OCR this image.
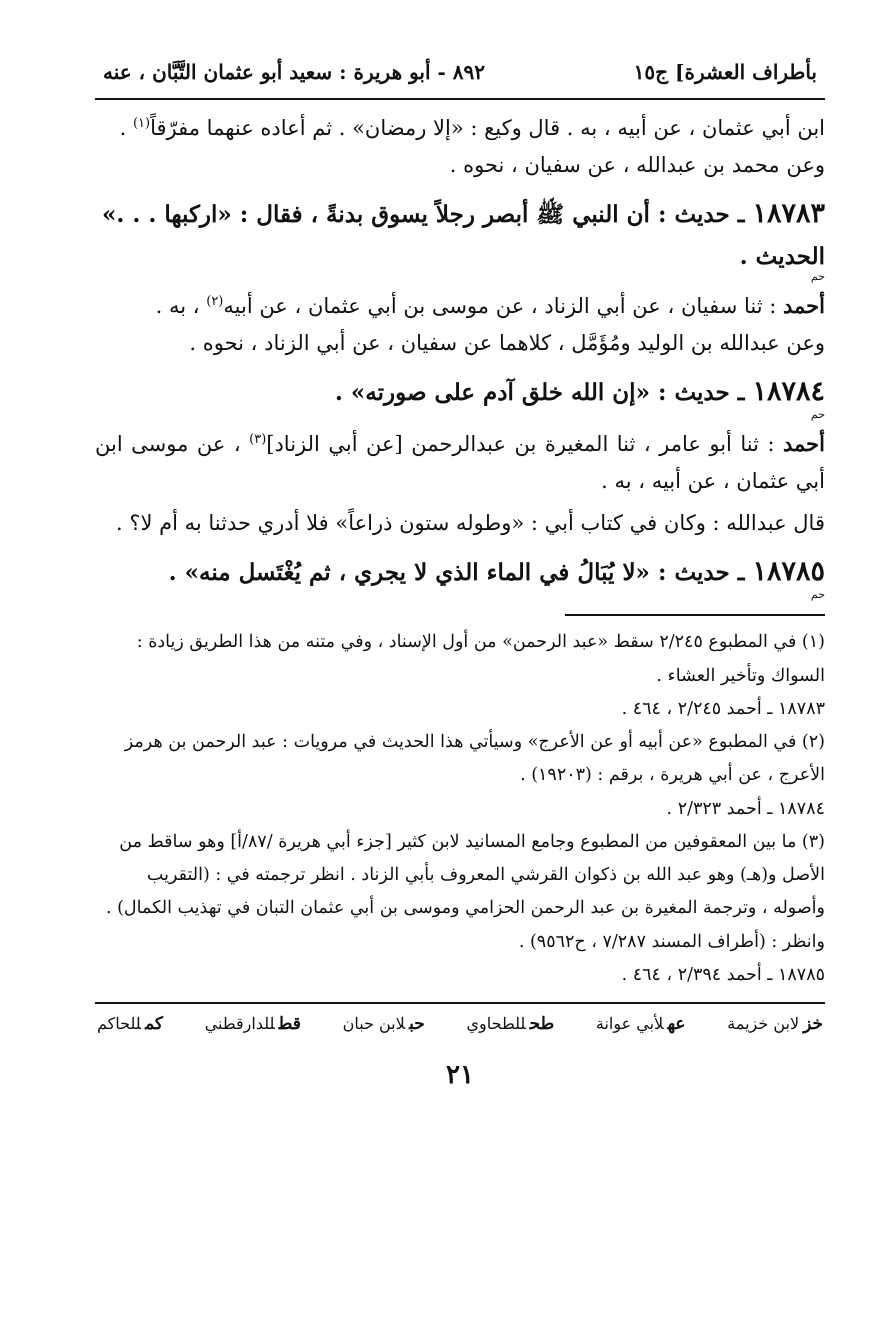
بأطراف العشرة] ج١٥
٨٩٢ - أبو هريرة : سعيد أبو عثمان التَّبَّان ، عنه

ابن أبي عثمان ، عن أبيه ، به . قال وكيع : «إلا رمضان» . ثم أعاده عنهما مفرّقاً$^{(١)}$ .

وعن محمد بن عبدالله ، عن سفيان ، نحوه .

١٨٧٨٣ ـ حديث : أن النبي ﷺ أبصر رجلاً يسوق بدنةً ، فقال : «اركبها . . .» الحديث .

حم

أحمد : ثنا سفيان ، عن أبي الزناد ، عن موسى بن أبي عثمان ، عن أبيه$^{(٢)}$ ، به .

وعن عبدالله بن الوليد ومُؤَمَّل ، كلاهما عن سفيان ، عن أبي الزناد ، نحوه .

١٨٧٨٤ ـ حديث : «إن الله خلق آدم على صورته» .

حم

أحمد : ثنا أبو عامر ، ثنا المغيرة بن عبدالرحمن [عن أبي الزناد]$^{(٣)}$ ، عن موسى ابن أبي عثمان ، عن أبيه ، به .

قال عبدالله : وكان في كتاب أبي : «وطوله ستون ذراعاً» فلا أدري حدثنا به أم لا؟ .

١٨٧٨٥ ـ حديث : «لا يُبَالُ في الماء الذي لا يجري ، ثم يُغْتَسل منه» .

حم

(١) في المطبوع ٢/٢٤٥ سقط «عبد الرحمن» من أول الإسناد ، وفي متنه من هذا الطريق زيادة : السواك وتأخير العشاء .

١٨٧٨٣ ـ أحمد ٢/٢٤٥ ، ٤٦٤ .

(٢) في المطبوع «عن أبيه أو عن الأعرج» وسيأتي هذا الحديث في مرويات : عبد الرحمن بن هرمز الأعرج ، عن أبي هريرة ، برقم : (١٩٢٠٣) .

١٨٧٨٤ ـ أحمد ٢/٣٢٣ .

(٣) ما بين المعقوفين من المطبوع وجامع المسانيد لابن كثير [جزء أبي هريرة /٨٧/أ] وهو ساقط من الأصل و(هـ) وهو عبد الله بن ذكوان القرشي المعروف بأبي الزناد . انظر ترجمته في : (التقريب وأصوله ، وترجمة المغيرة بن عبد الرحمن الحزامي وموسى بن أبي عثمان التبان في تهذيب الكمال) . وانظر : (أطراف المسند ٧/٢٨٧ ، ح٩٥٦٢) .

١٨٧٨٥ ـ أحمد ٢/٣٩٤ ، ٤٦٤ .

خزلابن خزيمة
عهلأبي عوانة
طحللطحاوي
حبلابن حبان
قطللدارقطني
كمللحاكم
٢١
